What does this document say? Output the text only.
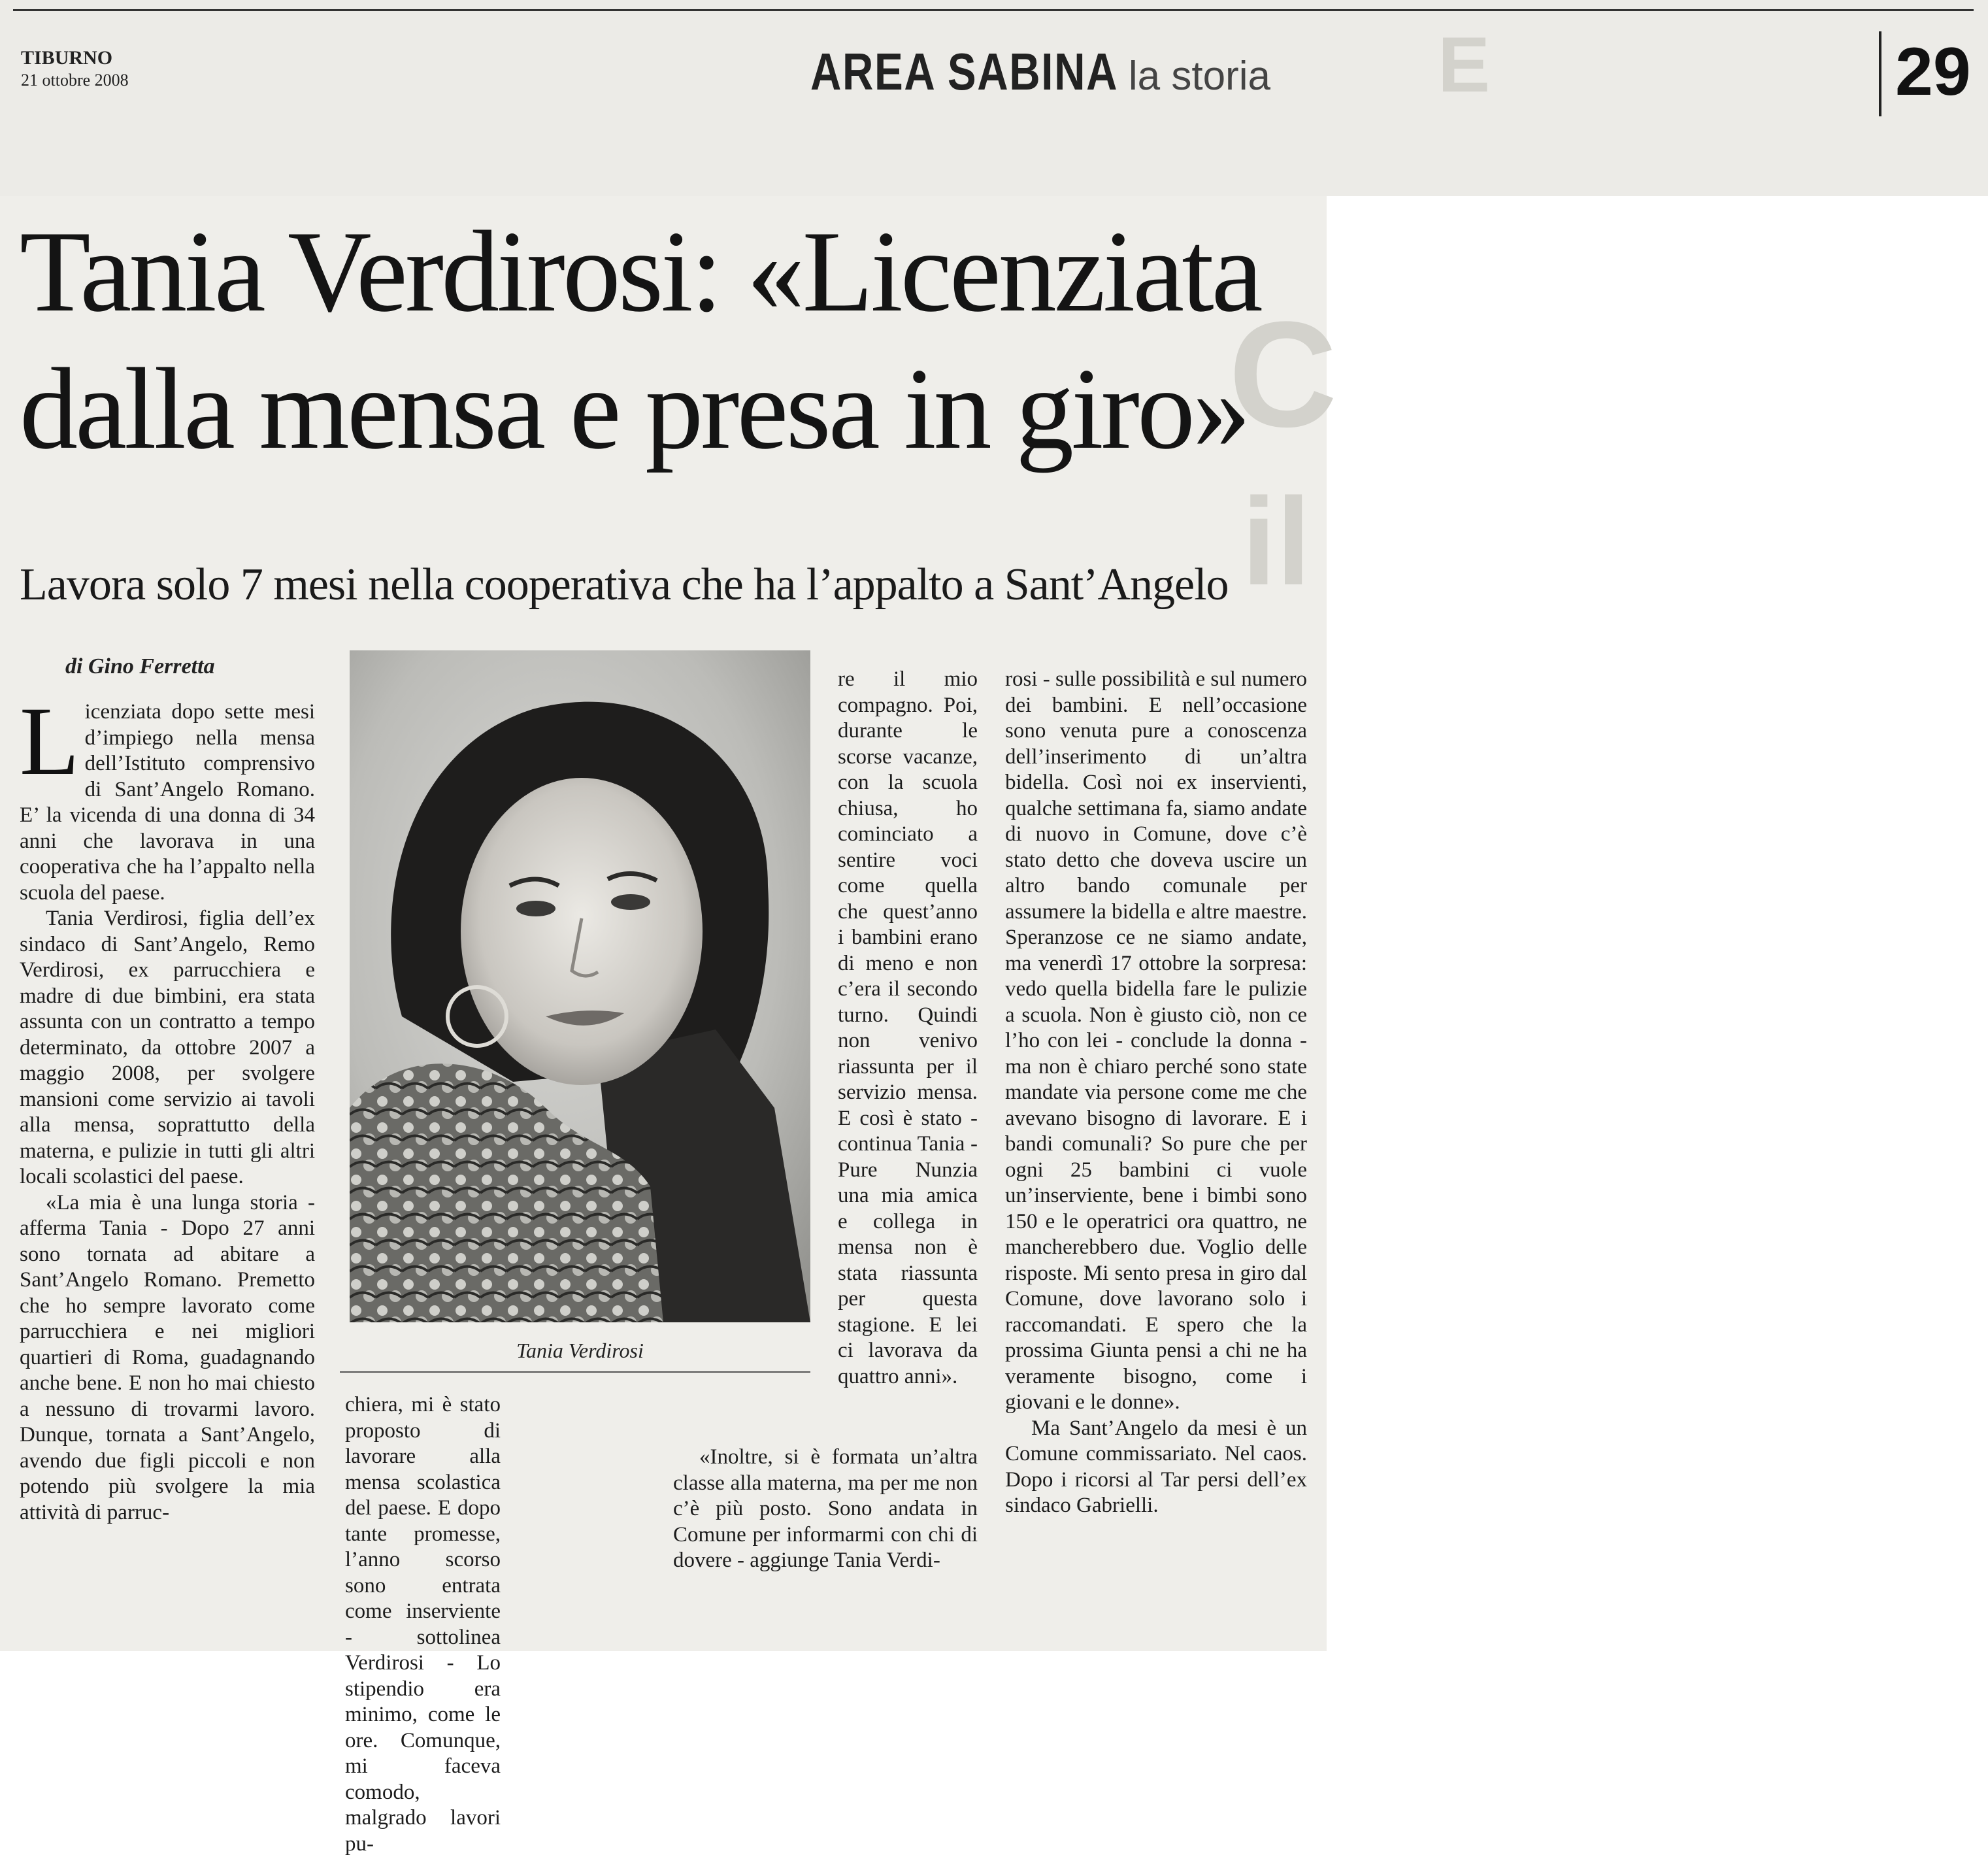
C
il
E
TIBURNO
21 ottobre 2008	AREA SABINA la storia	29
Tania Verdirosi: «Licenziata
dalla mensa e presa in giro»
Lavora solo 7 mesi nella cooperativa che ha l’appalto a Sant’Angelo
di Gino Ferretta

Licenziata dopo sette mesi d’impiego nella mensa dell’Istituto comprensivo di Sant’Angelo Romano. E’ la vicenda di una donna di 34 anni che lavorava in una cooperativa che ha l’appalto nella scuola del paese.

Tania Verdirosi, figlia dell’ex sindaco di Sant’Angelo, Remo Verdirosi, ex parrucchiera e madre di due bimbini, era stata assunta con un contratto a tempo determinato, da ottobre 2007 a maggio 2008, per svolgere mansioni come servizio ai tavoli alla mensa, soprattutto della materna, e pulizie in tutti gli altri locali scolastici del paese.

«La mia è una lunga storia - afferma Tania - Dopo 27 anni sono tornata ad abitare a Sant’Angelo Romano. Premetto che ho sempre lavorato come parrucchiera e nei migliori quartieri di Roma, guadagnando anche bene. E non ho mai chiesto a nessuno di trovarmi lavoro. Dunque, tornata a Sant’Angelo, avendo due figli piccoli e non potendo più svolgere la mia attività di parruc-

Tania Verdirosi

chiera, mi è stato proposto di lavorare alla mensa scolastica del paese. E dopo tante promesse, l’anno scorso sono entrata come inserviente - sottolinea Verdirosi - Lo stipendio era minimo, come le ore. Comunque, mi faceva comodo, malgrado lavori pu-

re il mio compagno. Poi, durante le scorse vacanze, con la scuola chiusa, ho cominciato a sentire voci come quella che quest’anno i bambini erano di meno e non c’era il secondo turno. Quindi non venivo riassunta per il servizio mensa. E così è stato - continua Tania - Pure Nunzia una mia amica e collega in mensa non è stata riassunta per questa stagione. E lei ci lavorava da quattro anni».

«Inoltre, si è formata un’altra classe alla materna, ma per me non c’è più posto. Sono andata in Comune per informarmi con chi di dovere - aggiunge Tania Verdi-

rosi - sulle possibilità e sul numero dei bambini. E nell’occasione sono venuta pure a conoscenza dell’inserimento di un’altra bidella. Così noi ex inservienti, qualche settimana fa, siamo andate di nuovo in Comune, dove c’è stato detto che doveva uscire un altro bando comunale per assumere la bidella e altre maestre. Speranzose ce ne siamo andate, ma venerdì 17 ottobre la sorpresa: vedo quella bidella fare le pulizie a scuola. Non è giusto ciò, non ce l’ho con lei - conclude la donna - ma non è chiaro perché sono state mandate via persone come me che avevano bisogno di lavorare. E i bandi comunali? So pure che per ogni 25 bambini ci vuole un’inserviente, bene i bimbi sono 150 e le operatrici ora quattro, ne mancherebbero due. Voglio delle risposte. Mi sento presa in giro dal Comune, dove lavorano solo i raccomandati. E spero che la prossima Giunta pensi a chi ne ha veramente bisogno, come i giovani e le donne».

Ma Sant’Angelo da mesi è un Comune commissariato. Nel caos. Dopo i ricorsi al Tar persi dell’ex sindaco Gabrielli.
